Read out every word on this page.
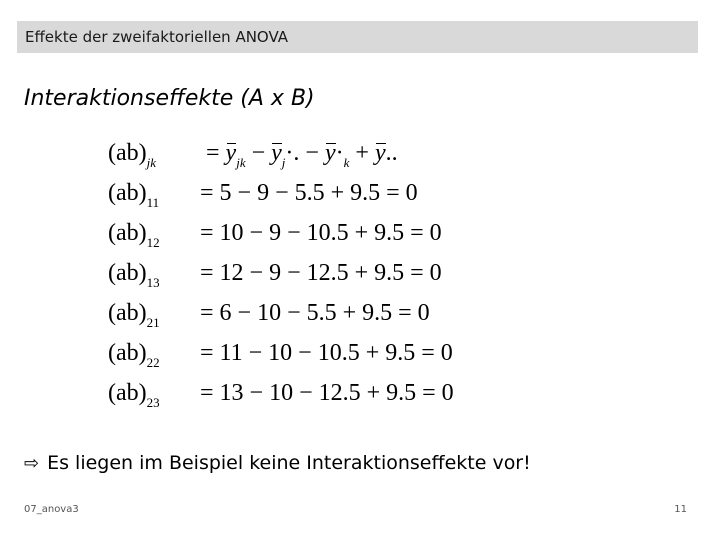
Effekte der zweifaktoriellen ANOVA
Interaktionseffekte (A x B)
$(ab)_{jk} = y_{jk} - y_j\cdot$. − $y\cdot_k + y$..
$(ab)_{11} = 5 - 9 - 5.5 + 9.5 = 0$
$(ab)_{12} = 10 - 9 - 10.5 + 9.5 = 0$
$(ab)_{13} = 12 - 9 - 12.5 + 9.5 = 0$
$(ab)_{21} = 6 - 10 - 5.5 + 9.5 = 0$
$(ab)_{22} = 11 - 10 - 10.5 + 9.5 = 0$
$(ab)_{23} = 13 - 10 - 12.5 + 9.5 = 0$
⇨ Es liegen im Beispiel keine Interaktionseffekte vor!
07_anova3	11
